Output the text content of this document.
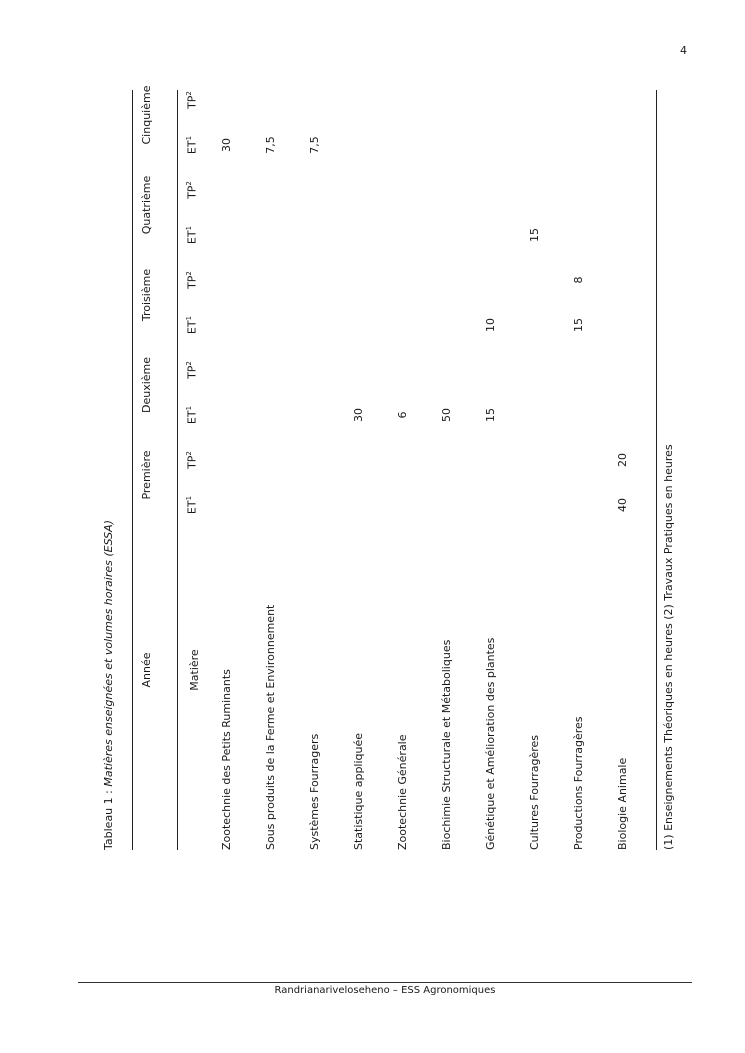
4
Tableau 1 : Matières enseignées et volumes horaires (ESSA) Année	Matière
Première
Deuxième
Troisième
Quatrième
Cinquième
$ET^1$
$TP^2$
$ET^1$
$TP^2$
$ET^1$
$TP^2$
$ET^1$
$TP^2$
$ET^1$
$TP^2$
Zootechnie des Petits Ruminants
30
Sous produits de la Ferme et Environnement
7,5
Systèmes Fourragers
7,5
Statistique appliquée
30
Zootechnie Générale
6
Biochimie Structurale et Métaboliques
50
Génétique et Amélioration des plantes
15
10
Cultures Fourragères
15
Productions Fourragères
15
8
Biologie Animale
40
20	(1) Enseignements Théoriques en heures (2) Travaux Pratiques en heures
Randrianariveloseheno – ESS Agronomiques
